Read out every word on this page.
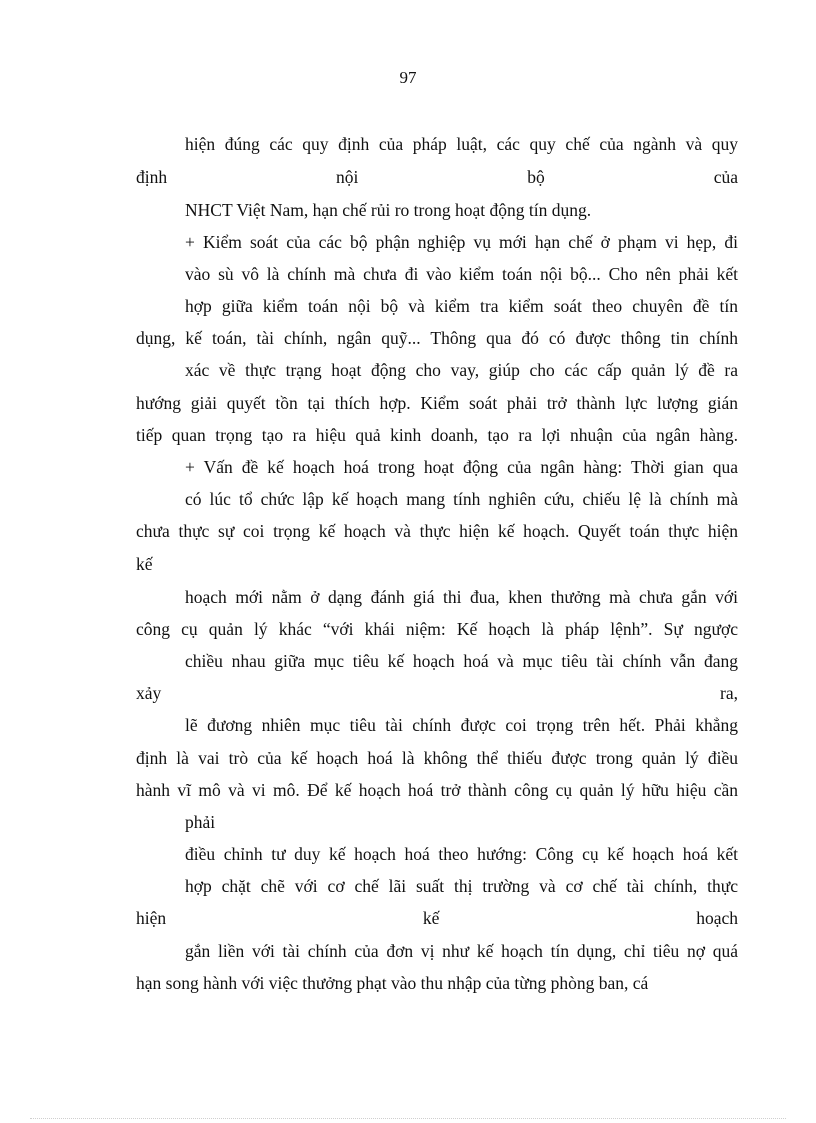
97
hiện đúng các quy định của pháp luật, các quy chế của ngành và quy
định nội bộ của
NHCT Việt Nam, hạn chế rủi ro trong hoạt động tín dụng.
+ Kiểm soát của các bộ phận nghiệp vụ mới hạn chế ở phạm vi hẹp, đi
vào sù vô là chính mà chưa đi vào kiểm toán nội bộ... Cho nên phải kết
hợp giữa kiểm toán nội bộ và kiểm tra kiểm soát theo chuyên đề tín
dụng, kế toán, tài chính, ngân quỹ... Thông qua đó có được thông tin chính
xác về thực trạng hoạt động cho vay, giúp cho các cấp quản lý đề ra
hướng giải quyết tồn tại thích hợp. Kiểm soát phải trở thành lực lượng gián
tiếp quan trọng tạo ra hiệu quả kinh doanh, tạo ra lợi nhuận của ngân hàng.
+ Vấn đề kế hoạch hoá trong hoạt động của ngân hàng: Thời gian qua
có lúc tổ chức lập kế hoạch mang tính nghiên cứu, chiếu lệ là chính mà
chưa thực sự coi trọng kế hoạch và thực hiện kế hoạch. Quyết toán thực hiện
kế
hoạch mới nằm ở dạng đánh giá thi đua, khen thưởng mà chưa gắn với
công cụ quản lý khác “với khái niệm: Kế hoạch là pháp lệnh”. Sự ngược
chiều nhau giữa mục tiêu kế hoạch hoá và mục tiêu tài chính vẫn đang
xảy ra,
lẽ đương nhiên mục tiêu tài chính được coi trọng trên hết. Phải khẳng
định là vai trò của kế hoạch hoá là không thể thiếu được trong quản lý điều
hành vĩ mô và vi mô. Để kế hoạch hoá trở thành công cụ quản lý hữu hiệu cần
phải
điều chỉnh tư duy kế hoạch hoá theo hướng: Công cụ kế hoạch hoá kết
hợp chặt chẽ với cơ chế lãi suất thị trường và cơ chế tài chính, thực
hiện kế hoạch
gắn liền với tài chính của đơn vị như kế hoạch tín dụng, chỉ tiêu nợ quá
hạn song hành với việc thưởng phạt vào thu nhập của từng phòng ban, cá
